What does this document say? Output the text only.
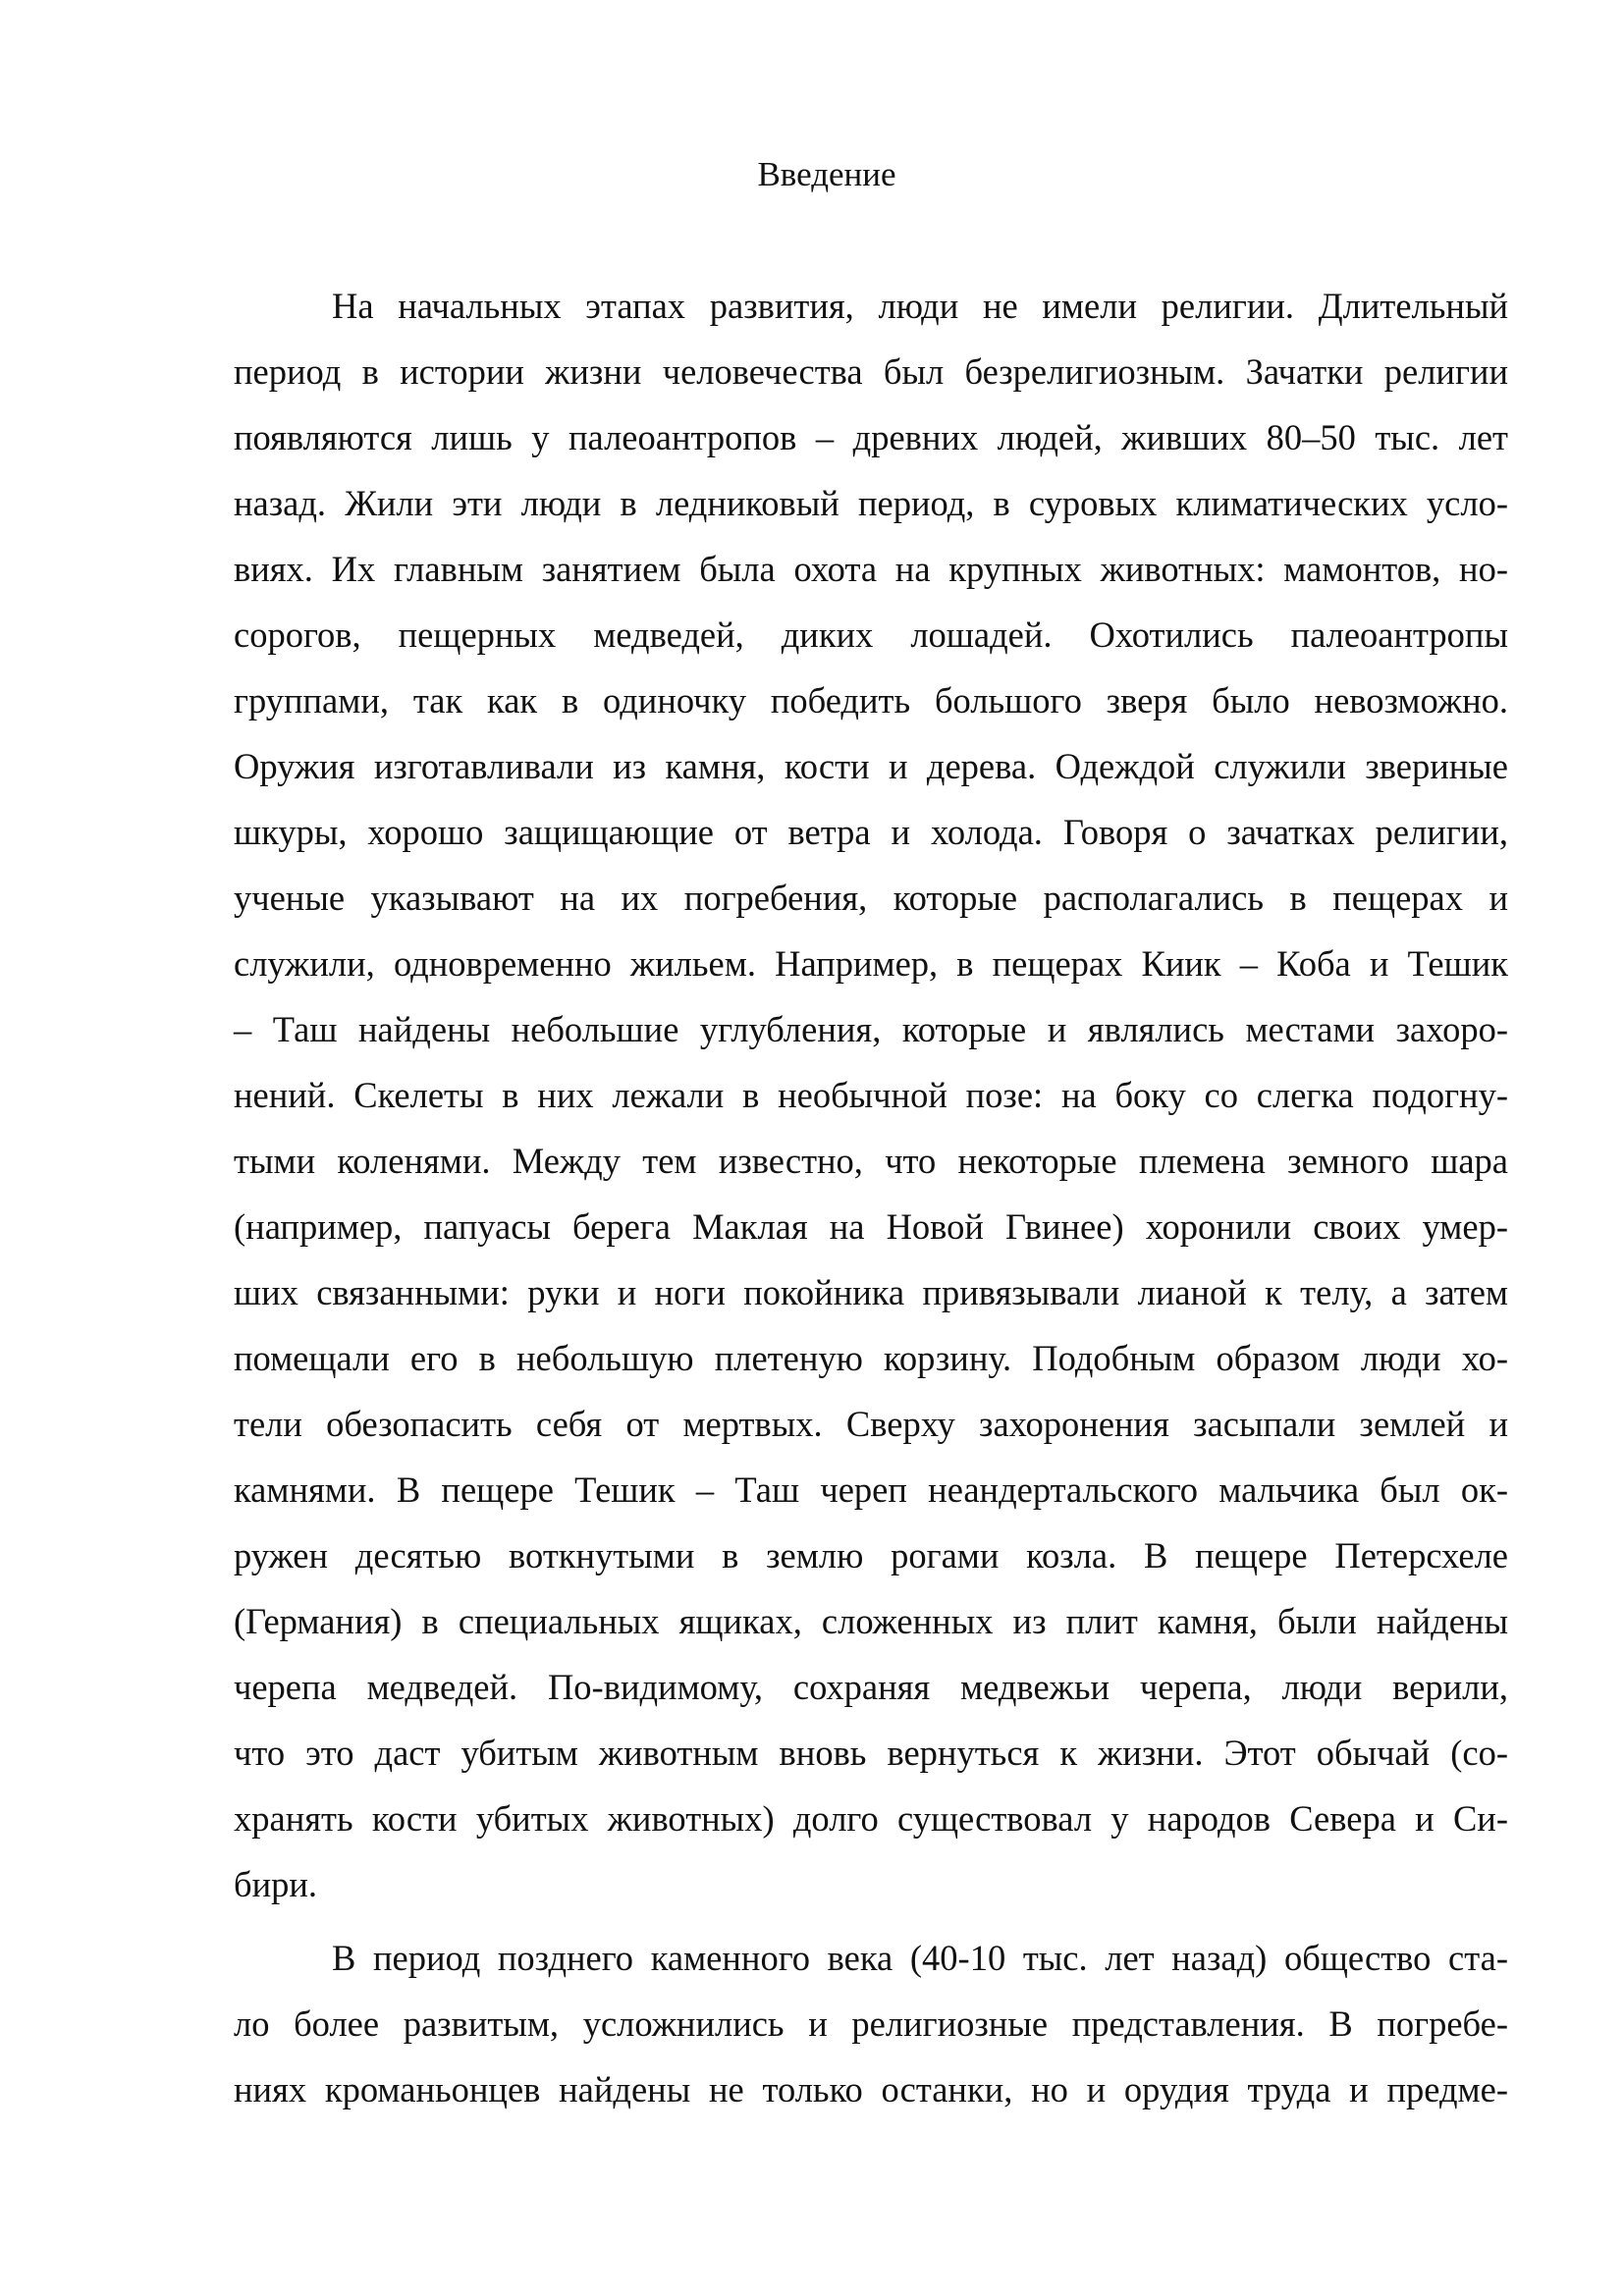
Введение
На начальных этапах развития, люди не имели религии. Длительный
период в истории жизни человечества был безрелигиозным. Зачатки религии
появляются лишь у палеоантропов – древних людей, живших 80–50 тыс. лет
назад. Жили эти люди в ледниковый период, в суровых климатических усло-
виях. Их главным занятием была охота на крупных животных: мамонтов, но-
сорогов, пещерных медведей, диких лошадей. Охотились палеоантропы
группами, так как в одиночку победить большого зверя было невозможно.
Оружия изготавливали из камня, кости и дерева. Одеждой служили звериные
шкуры, хорошо защищающие от ветра и холода. Говоря о зачатках религии,
ученые указывают на их погребения, которые располагались в пещерах и
служили, одновременно жильем. Например, в пещерах Киик – Коба и Тешик
– Таш найдены небольшие углубления, которые и являлись местами захоро-
нений. Скелеты в них лежали в необычной позе: на боку со слегка подогну-
тыми коленями. Между тем известно, что некоторые племена земного шара
(например, папуасы берега Маклая на Новой Гвинее) хоронили своих умер-
ших связанными: руки и ноги покойника привязывали лианой к телу, а затем
помещали его в небольшую плетеную корзину. Подобным образом люди хо-
тели обезопасить себя от мертвых. Сверху захоронения засыпали землей и
камнями. В пещере Тешик – Таш череп неандертальского мальчика был ок-
ружен десятью воткнутыми в землю рогами козла. В пещере Петерсхеле
(Германия) в специальных ящиках, сложенных из плит камня, были найдены
черепа медведей. По-видимому, сохраняя медвежьи черепа, люди верили,
что это даст убитым животным вновь вернуться к жизни. Этот обычай (со-
хранять кости убитых животных) долго существовал у народов Севера и Си-
бири.
В период позднего каменного века (40-10 тыс. лет назад) общество ста-
ло более развитым, усложнились и религиозные представления. В погребе-
ниях кроманьонцев найдены не только останки, но и орудия труда и предме-
